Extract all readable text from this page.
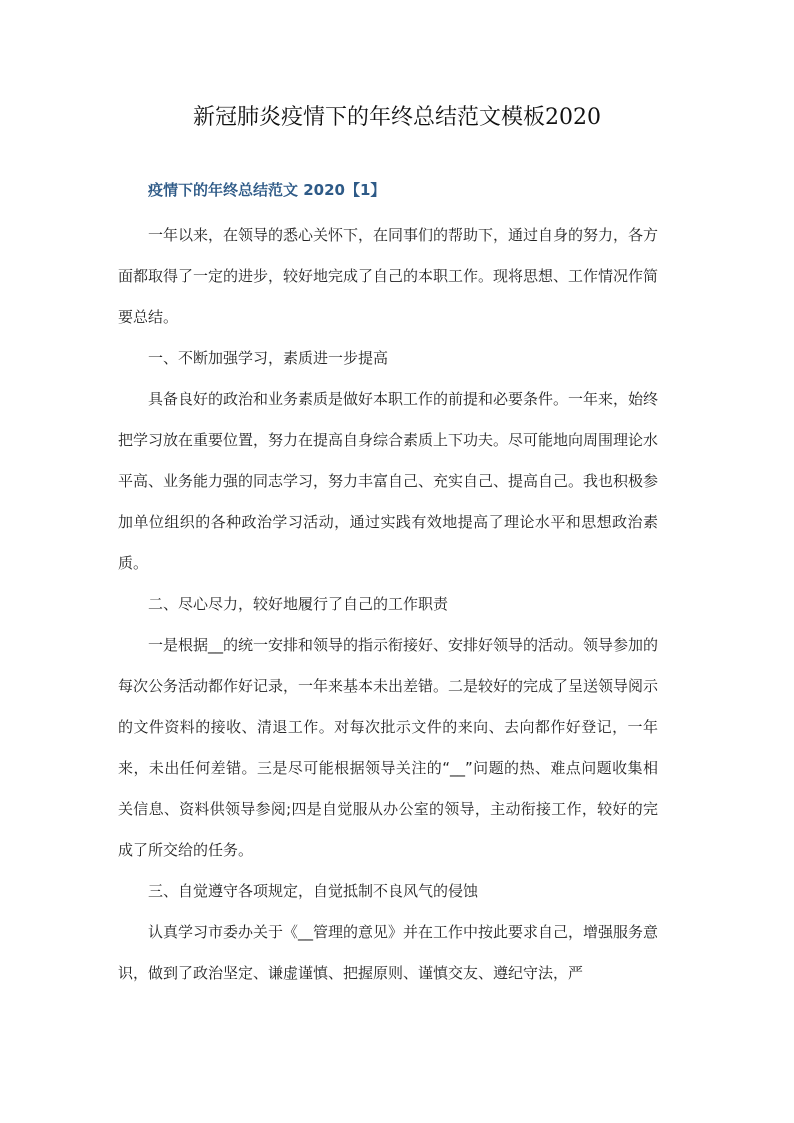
新冠肺炎疫情下的年终总结范文模板2020
疫情下的年终总结范文 2020【1】

一年以来，在领导的悉心关怀下，在同事们的帮助下，通过自身的努力，各方面都取得了一定的进步，较好地完成了自己的本职工作。现将思想、工作情况作简要总结。

一、不断加强学习，素质进一步提高

具备良好的政治和业务素质是做好本职工作的前提和必要条件。一年来，始终把学习放在重要位置，努力在提高自身综合素质上下功夫。尽可能地向周围理论水平高、业务能力强的同志学习，努力丰富自己、充实自己、提高自己。我也积极参加单位组织的各种政治学习活动，通过实践有效地提高了理论水平和思想政治素质。

二、尽心尽力，较好地履行了自己的工作职责

一是根据__的统一安排和领导的指示衔接好、安排好领导的活动。领导参加的每次公务活动都作好记录，一年来基本未出差错。二是较好的完成了呈送领导阅示的文件资料的接收、清退工作。对每次批示文件的来向、去向都作好登记，一年来，未出任何差错。三是尽可能根据领导关注的“__”问题的热、难点问题收集相关信息、资料供领导参阅;四是自觉服从办公室的领导，主动衔接工作，较好的完成了所交给的任务。

三、自觉遵守各项规定，自觉抵制不良风气的侵蚀

认真学习市委办关于《__管理的意见》并在工作中按此要求自己，增强服务意识，做到了政治坚定、谦虚谨慎、把握原则、谨慎交友、遵纪守法，严
